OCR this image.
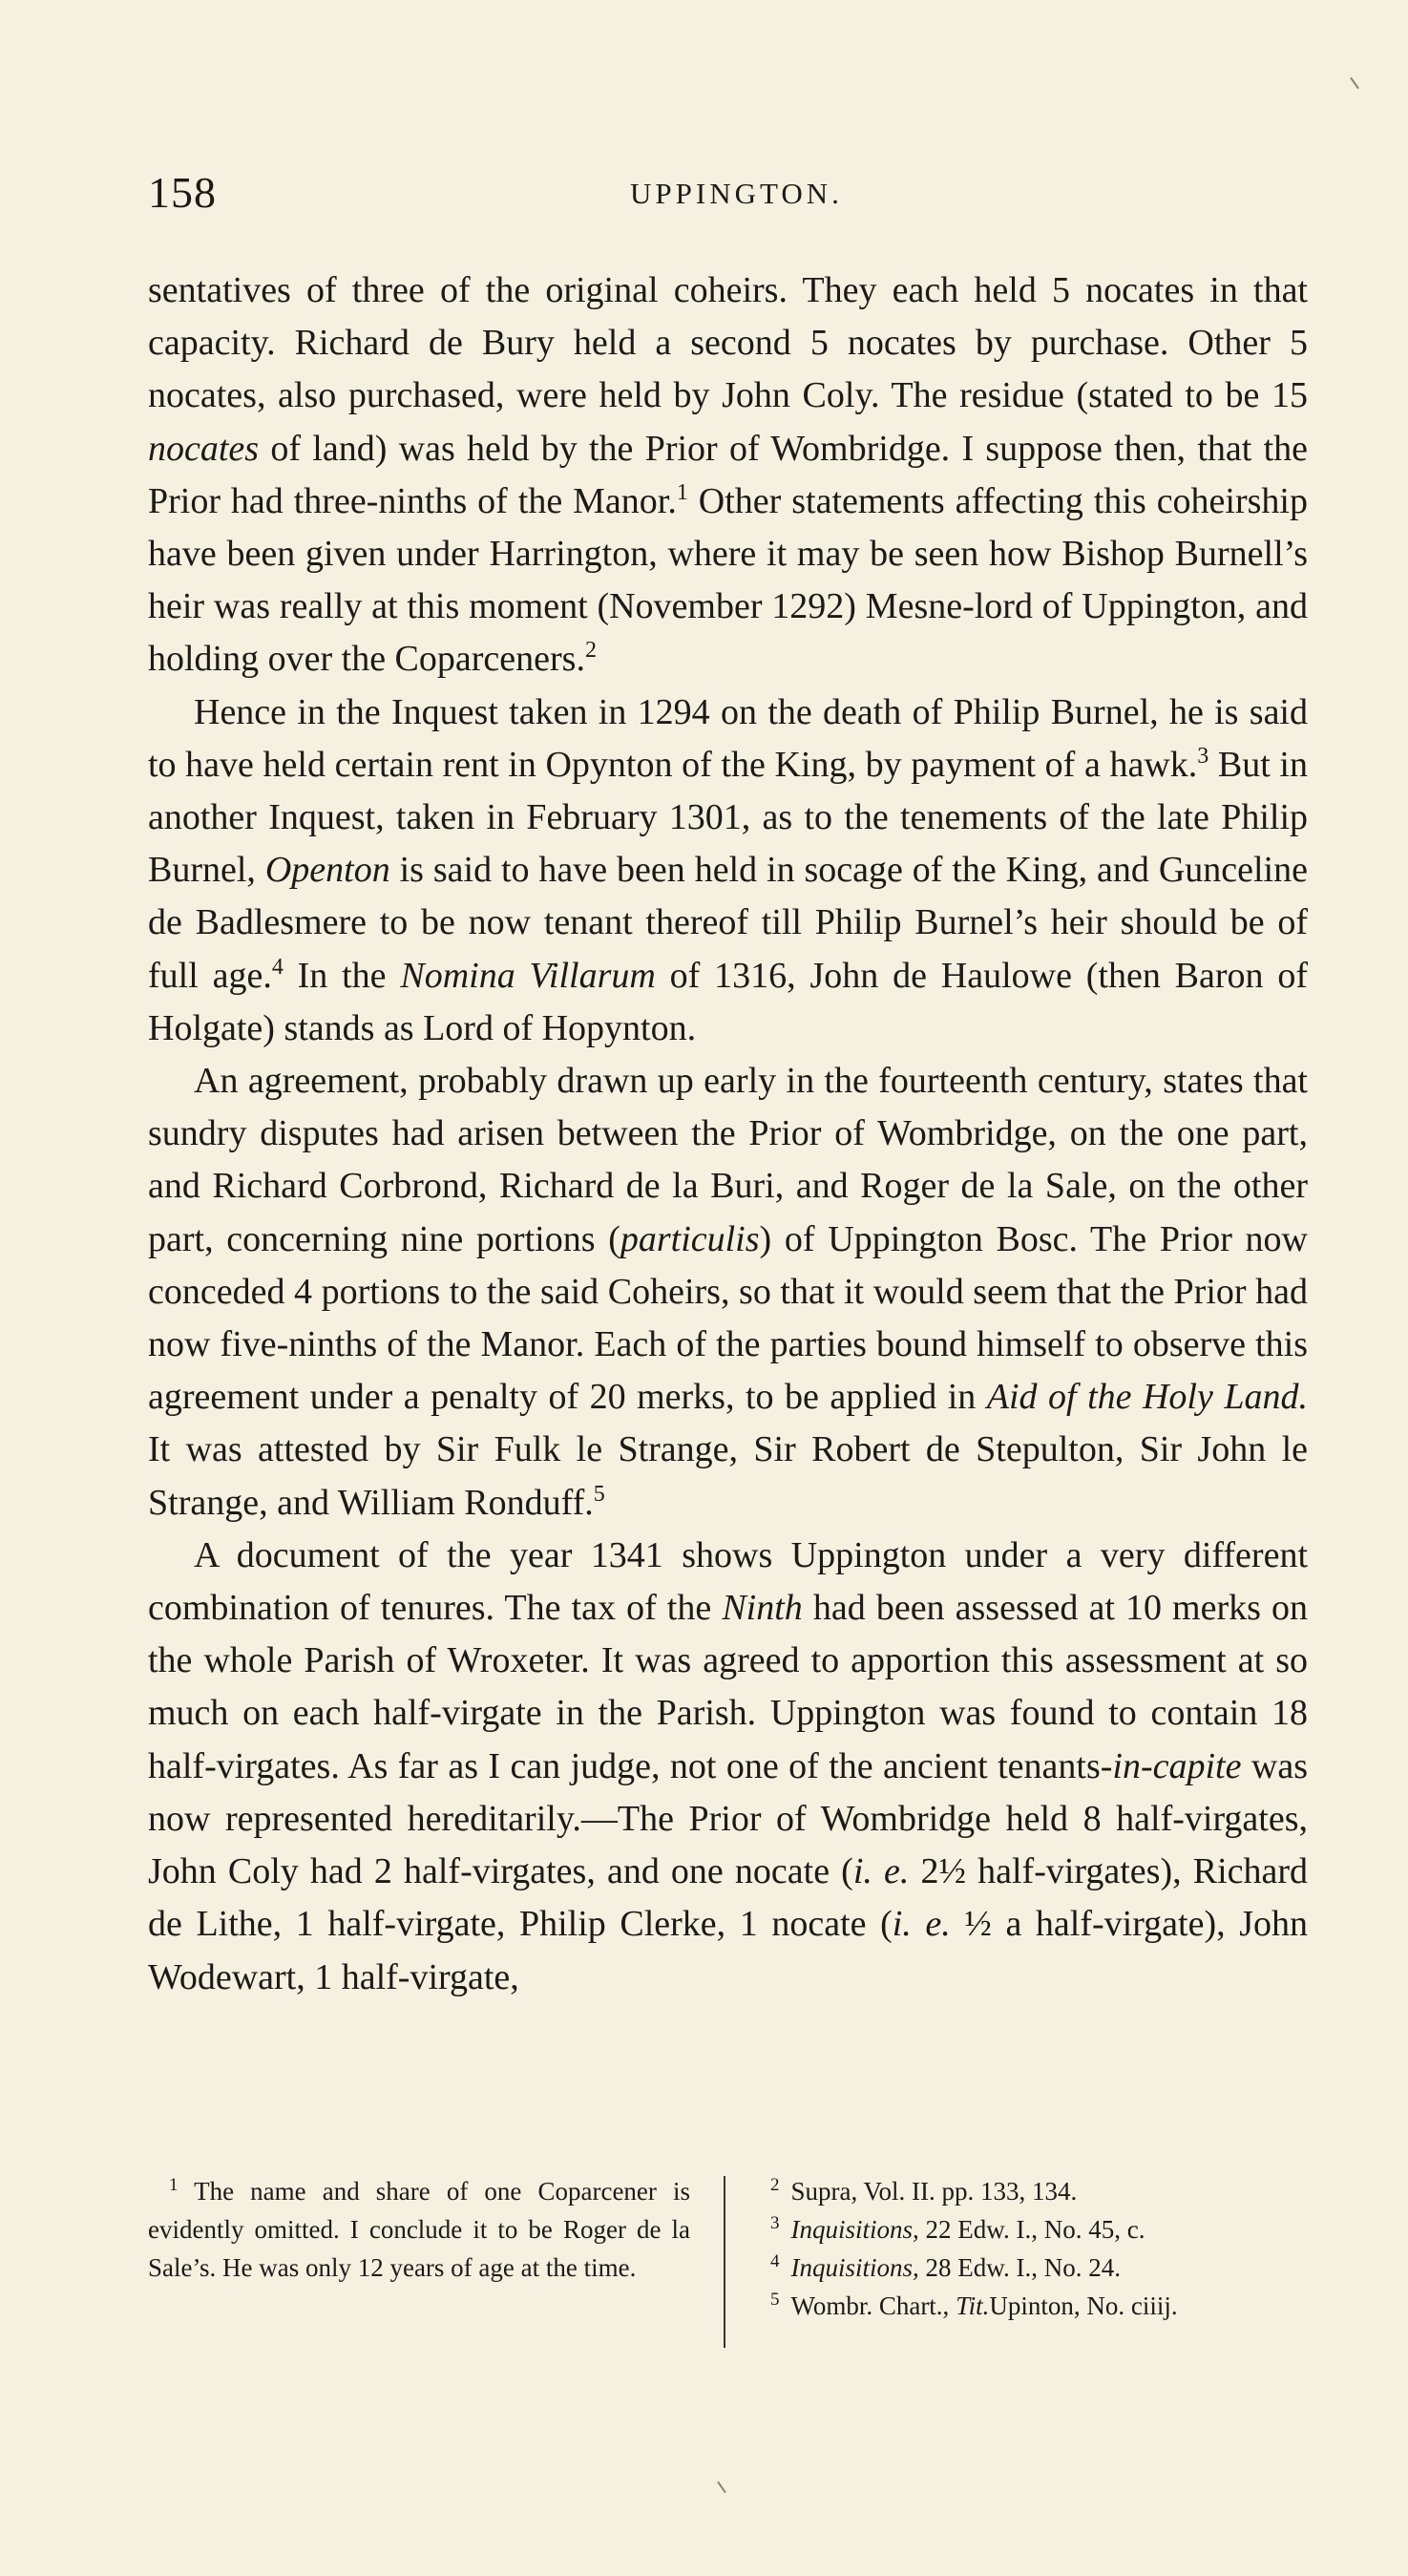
158	UPPINGTON.

sentatives of three of the original coheirs. They each held 5 nocates in that capacity. Richard de Bury held a second 5 nocates by purchase. Other 5 nocates, also purchased, were held by John Coly. The residue (stated to be 15 nocates of land) was held by the Prior of Wombridge. I suppose then, that the Prior had three-ninths of the Manor.$^1$ Other statements affecting this coheirship have been given under Harrington, where it may be seen how Bishop Burnell’s heir was really at this moment (November 1292) Mesne-lord of Uppington, and holding over the Coparceners.$^2$

Hence in the Inquest taken in 1294 on the death of Philip Burnel, he is said to have held certain rent in Opynton of the King, by payment of a hawk.$^3$ But in another Inquest, taken in February 1301, as to the tenements of the late Philip Burnel, Openton is said to have been held in socage of the King, and Gunceline de Badlesmere to be now tenant thereof till Philip Burnel’s heir should be of full age.$^4$ In the Nomina Villarum of 1316, John de Haulowe (then Baron of Holgate) stands as Lord of Hopynton.

An agreement, probably drawn up early in the fourteenth century, states that sundry disputes had arisen between the Prior of Wombridge, on the one part, and Richard Corbrond, Richard de la Buri, and Roger de la Sale, on the other part, concerning nine portions (particulis) of Uppington Bosc. The Prior now conceded 4 portions to the said Coheirs, so that it would seem that the Prior had now five-ninths of the Manor. Each of the parties bound himself to observe this agreement under a penalty of 20 merks, to be applied in Aid of the Holy Land. It was attested by Sir Fulk le Strange, Sir Robert de Stepulton, Sir John le Strange, and William Ronduff.$^5$

A document of the year 1341 shows Uppington under a very different combination of tenures. The tax of the Ninth had been assessed at 10 merks on the whole Parish of Wroxeter. It was agreed to apportion this assessment at so much on each half-virgate in the Parish. Uppington was found to contain 18 half-virgates. As far as I can judge, not one of the ancient tenants-in-capite was now represented hereditarily.—The Prior of Wombridge held 8 half-virgates, John Coly had 2 half-virgates, and one nocate (i. e. 2½ half-virgates), Richard de Lithe, 1 half-virgate, Philip Clerke, 1 nocate (i. e. ½ a half-virgate), John Wodewart, 1 half-virgate,

$^1$ The name and share of one Coparcener is evidently omitted. I conclude it to be Roger de la Sale’s. He was only 12 years of age at the time.
$^2$ Supra, Vol. II. pp. 133, 134.
$^3$ Inquisitions, 22 Edw. I., No. 45, c.
$^4$ Inquisitions, 28 Edw. I., No. 24.
$^5$ Wombr. Chart., Tit.Upinton, No. ciiij.
